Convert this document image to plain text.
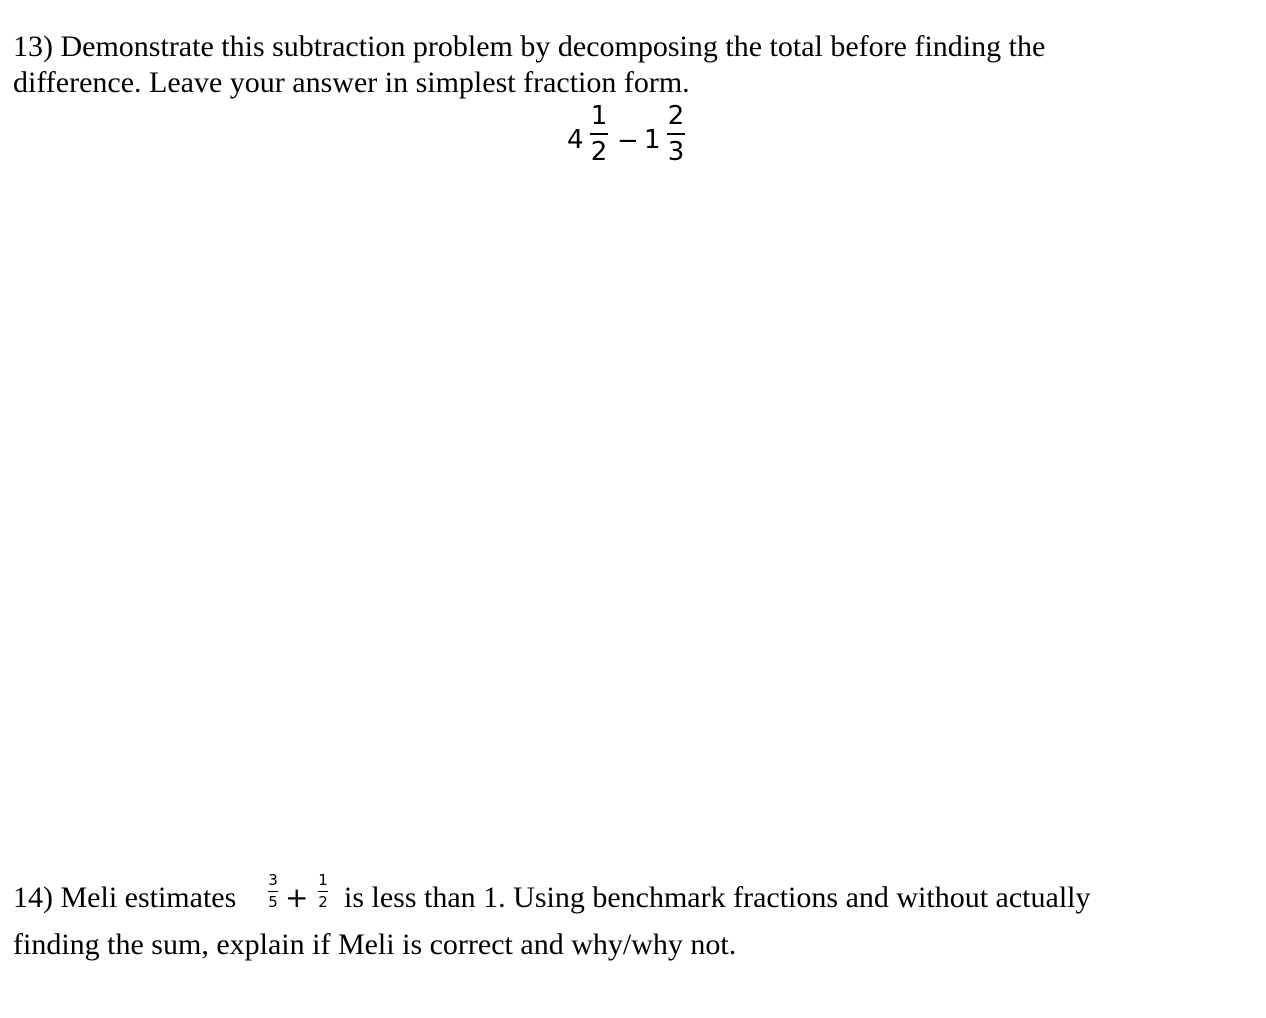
13) Demonstrate this subtraction problem by decomposing the total before finding the

difference. Leave your answer in simplest fraction form.

4
1
2 − 1
2
3

14) Meli estimates

3
5 +
1
2 is less than 1. Using benchmark fractions and without actually

finding the sum, explain if Meli is correct and why/why not.
